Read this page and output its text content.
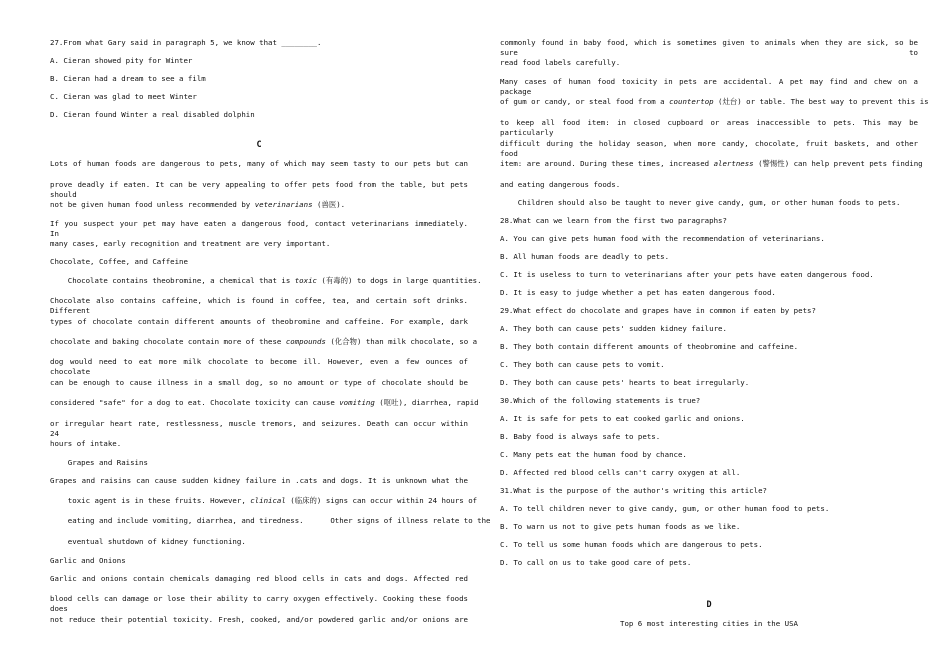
27.From what Gary said in paragraph 5, we know that ________.
A. Cieran showed pity for Winter
B. Cieran had a dream to see a film
C. Cieran was glad to meet Winter
D. Cieran found Winter a real disabled dolphin
C
Lots of human foods are dangerous to pets, many of which may seem tasty to our pets but can
prove deadly if eaten. It can be very appealing to offer pets food from the table, but pets should
not be given human food unless recommended by veterinarians (兽医).
If you suspect your pet may have eaten a dangerous food, contact veterinarians immediately. In
many cases, early recognition and treatment are very important.
Chocolate, Coffee, and Caffeine
Chocolate contains theobromine, a chemical that is toxic (有毒的) to dogs in large quantities.
Chocolate also contains caffeine, which is found in coffee, tea, and certain soft drinks. Different
types of chocolate contain different amounts of theobromine and caffeine. For example, dark
chocolate and baking chocolate contain more of these compounds (化合物) than milk chocolate, so a
dog would need to eat more milk chocolate to become ill. However, even a few ounces of chocolate
can be enough to cause illness in a small dog, so no amount or type of chocolate should be
considered "safe" for a dog to eat. Chocolate toxicity can cause vomiting (呕吐), diarrhea, rapid
or irregular heart rate, restlessness, muscle tremors, and seizures. Death can occur within 24
hours of intake.
Grapes and Raisins
Grapes and raisins can cause sudden kidney failure in .cats and dogs. It is unknown what the
toxic agent is in these fruits. However, clinical (临床的) signs can occur within 24 hours of
eating and include vomiting, diarrhea, and tiredness.      Other signs of illness relate to the
eventual shutdown of kidney functioning.
Garlic and Onions
Garlic and onions contain chemicals damaging red blood cells in cats and dogs. Affected red
blood cells can damage or lose their ability to carry oxygen effectively. Cooking these foods does
not reduce their potential toxicity. Fresh, cooked, and/or powdered garlic and/or onions are
commonly found in baby food, which is sometimes given to animals when they are sick, so be sure to
read food labels carefully.
Many cases of human food toxicity in pets are accidental. A pet may find and chew on a package
of gum or candy, or steal food from a countertop (灶台) or table. The best way to prevent this is
to keep all food item: in closed cupboard or areas inaccessible to pets. This may be particularly
difficult during the holiday season, when more candy, chocolate, fruit baskets, and other food
item: are around. During these times, increased alertness (警惕性) can help prevent pets finding
and eating dangerous foods.
Children should also be taught to never give candy, gum, or other human foods to pets.
28.What can we learn from the first two paragraphs?
A. You can give pets human food with the recommendation of veterinarians.
B. All human foods are deadly to pets.
C. It is useless to turn to veterinarians after your pets have eaten dangerous food.
D. It is easy to judge whether a pet has eaten dangerous food.
29.What effect do chocolate and grapes have in common if eaten by pets?
A. They both can cause pets' sudden kidney failure.
B. They both contain different amounts of theobromine and caffeine.
C. They both can cause pets to vomit.
D. They both can cause pets' hearts to beat irregularly.
30.Which of the following statements is true?
A. It is safe for pets to eat cooked garlic and onions.
B. Baby food is always safe to pets.
C. Many pets eat the human food by chance.
D. Affected red blood cells can't carry oxygen at all.
31.What is the purpose of the author's writing this article?
A. To tell children never to give candy, gum, or other human food to pets.
B. To warn us not to give pets human foods as we like.
C. To tell us some human foods which are dangerous to pets.
D. To call on us to take good care of pets.
D
Top 6 most interesting cities in the USA
